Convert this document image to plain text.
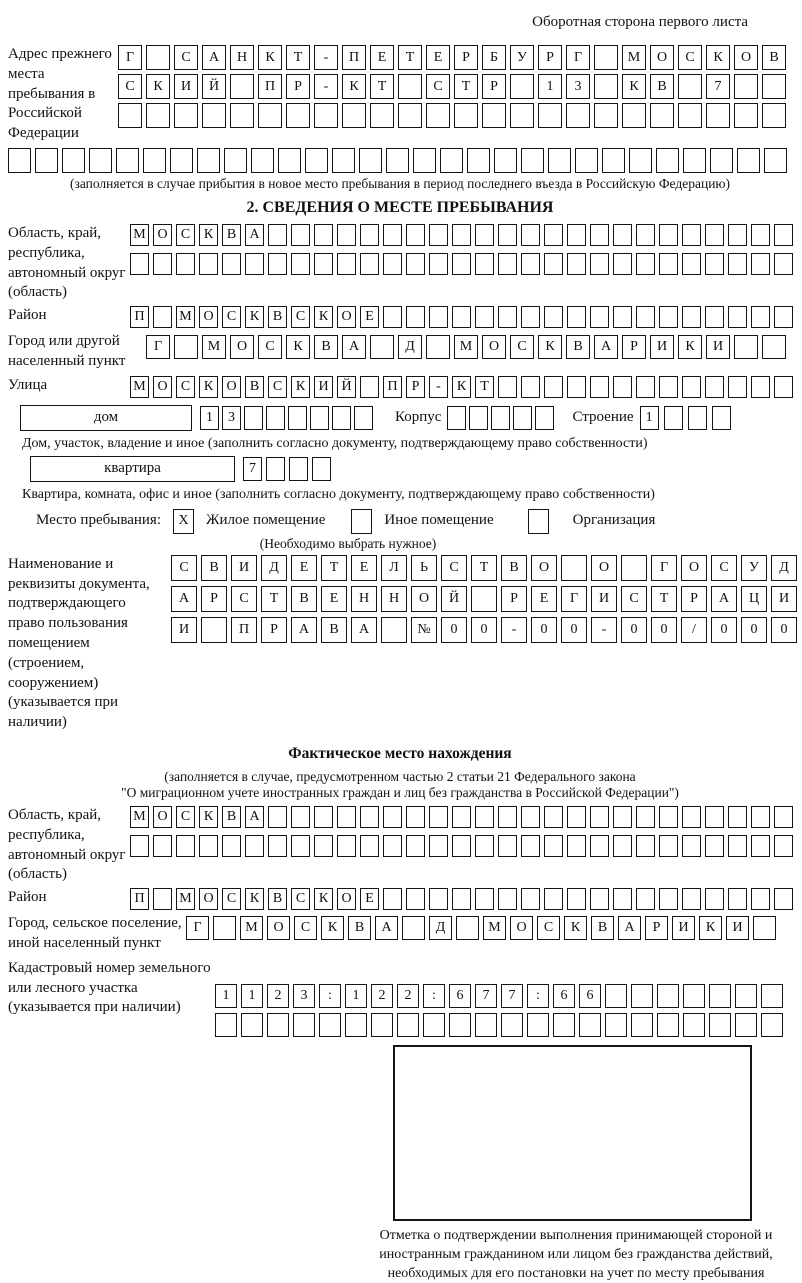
Оборотная сторона первого листа
Адрес прежнего места пребывания в Российской Федерации
Г	С	А	Н	К	Т	-	П	Е	Т	Е	Р	Б	У	Р	Г	М	О	С	К	О	В
С	К	И	Й	П	Р	-	К	Т	С	Т	Р	1	3	К	В	7
(заполняется в случае прибытия в новое место пребывания в период последнего въезда в Российскую Федерацию)
2. СВЕДЕНИЯ О МЕСТЕ ПРЕБЫВАНИЯ
Область, край, республика, автономный округ (область)
М О С К В А
Район	П	М О С К В С К О Е
Город или другой населенный пункт
Г	М	О	С	К	В	А	Д	М	О	С	К	В	А	Р	И	К	И
Улица	М О С К О В С К И Й	П	Р	-	К	Т
дом	1	3	Корпус	Строение 1
Дом, участок, владение и иное (заполнить согласно документу, подтверждающему право собственности)
квартира	7
Квартира, комната, офис и иное (заполнить согласно документу, подтверждающему право собственности)
Место пребывания:	X	Жилое помещение	Иное помещение	Организация
(Необходимо выбрать нужное)
Наименование и реквизиты документа, подтверждающего право пользования помещением (строением, сооружением) (указывается при наличии)
С	В	И	Д	Е	Т	Е	Л	Ь	С	Т	В	О	О	Г	О	С	У	Д
А	Р	С	Т	В	Е	Н	Н	О	Й	Р	Е	Г	И	С	Т	Р	А	Ц	И
И	П	Р	А	В	А	№	0	0	-	0	0	-	0	0	/	0	0	0
Фактическое место нахождения
(заполняется в случае, предусмотренном частью 2 статьи 21 Федерального закона
"О миграционном учете иностранных граждан и лиц без гражданства в Российской Федерации")
Область, край, республика, автономный округ (область)
М О С К В А
Район	П	М О С К В С К О Е
Город, сельское поселение, иной населенный пункт
Г	М	О	С	К	В	А	Д	М	О	С	К	В	А	Р	И	К	И
Кадастровый номер земельного или лесного участка (указывается при наличии)
1	1	2	3	:	1	2	2	:	6	7	7	:	6	6
Отметка о подтверждении выполнения принимающей стороной и иностранным гражданином или лицом без гражданства действий, необходимых для его постановки на учет по месту пребывания
